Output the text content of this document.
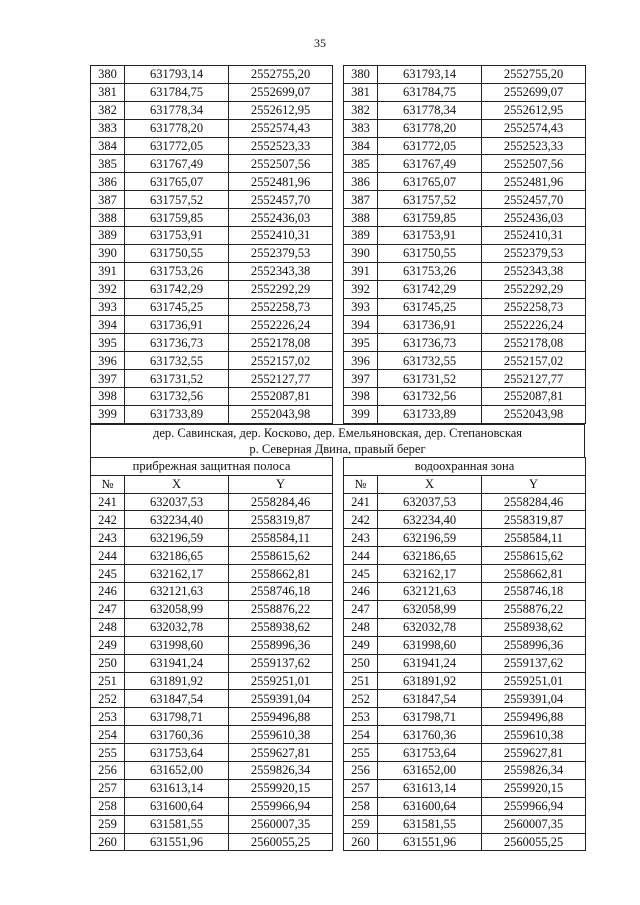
35
380	631793,14	2552755,20		380	631793,14	2552755,20
381	631784,75	2552699,07		381	631784,75	2552699,07
382	631778,34	2552612,95		382	631778,34	2552612,95
383	631778,20	2552574,43		383	631778,20	2552574,43
384	631772,05	2552523,33		384	631772,05	2552523,33
385	631767,49	2552507,56		385	631767,49	2552507,56
386	631765,07	2552481,96		386	631765,07	2552481,96
387	631757,52	2552457,70		387	631757,52	2552457,70
388	631759,85	2552436,03		388	631759,85	2552436,03
389	631753,91	2552410,31		389	631753,91	2552410,31
390	631750,55	2552379,53		390	631750,55	2552379,53
391	631753,26	2552343,38		391	631753,26	2552343,38
392	631742,29	2552292,29		392	631742,29	2552292,29
393	631745,25	2552258,73		393	631745,25	2552258,73
394	631736,91	2552226,24		394	631736,91	2552226,24
395	631736,73	2552178,08		395	631736,73	2552178,08
396	631732,55	2552157,02		396	631732,55	2552157,02
397	631731,52	2552127,77		397	631731,52	2552127,77
398	631732,56	2552087,81		398	631732,56	2552087,81
399	631733,89	2552043,98		399	631733,89	2552043,98
дер. Савинская, дер. Косково, дер. Емельяновская, дер. Степановская
р. Северная Двина, правый берег
прибрежная защитная полоса				водоохранная зона		
№	X	Y		№	X	Y
241	632037,53	2558284,46		241	632037,53	2558284,46
242	632234,40	2558319,87		242	632234,40	2558319,87
243	632196,59	2558584,11		243	632196,59	2558584,11
244	632186,65	2558615,62		244	632186,65	2558615,62
245	632162,17	2558662,81		245	632162,17	2558662,81
246	632121,63	2558746,18		246	632121,63	2558746,18
247	632058,99	2558876,22		247	632058,99	2558876,22
248	632032,78	2558938,62		248	632032,78	2558938,62
249	631998,60	2558996,36		249	631998,60	2558996,36
250	631941,24	2559137,62		250	631941,24	2559137,62
251	631891,92	2559251,01		251	631891,92	2559251,01
252	631847,54	2559391,04		252	631847,54	2559391,04
253	631798,71	2559496,88		253	631798,71	2559496,88
254	631760,36	2559610,38		254	631760,36	2559610,38
255	631753,64	2559627,81		255	631753,64	2559627,81
256	631652,00	2559826,34		256	631652,00	2559826,34
257	631613,14	2559920,15		257	631613,14	2559920,15
258	631600,64	2559966,94		258	631600,64	2559966,94
259	631581,55	2560007,35		259	631581,55	2560007,35
260	631551,96	2560055,25		260	631551,96	2560055,25
